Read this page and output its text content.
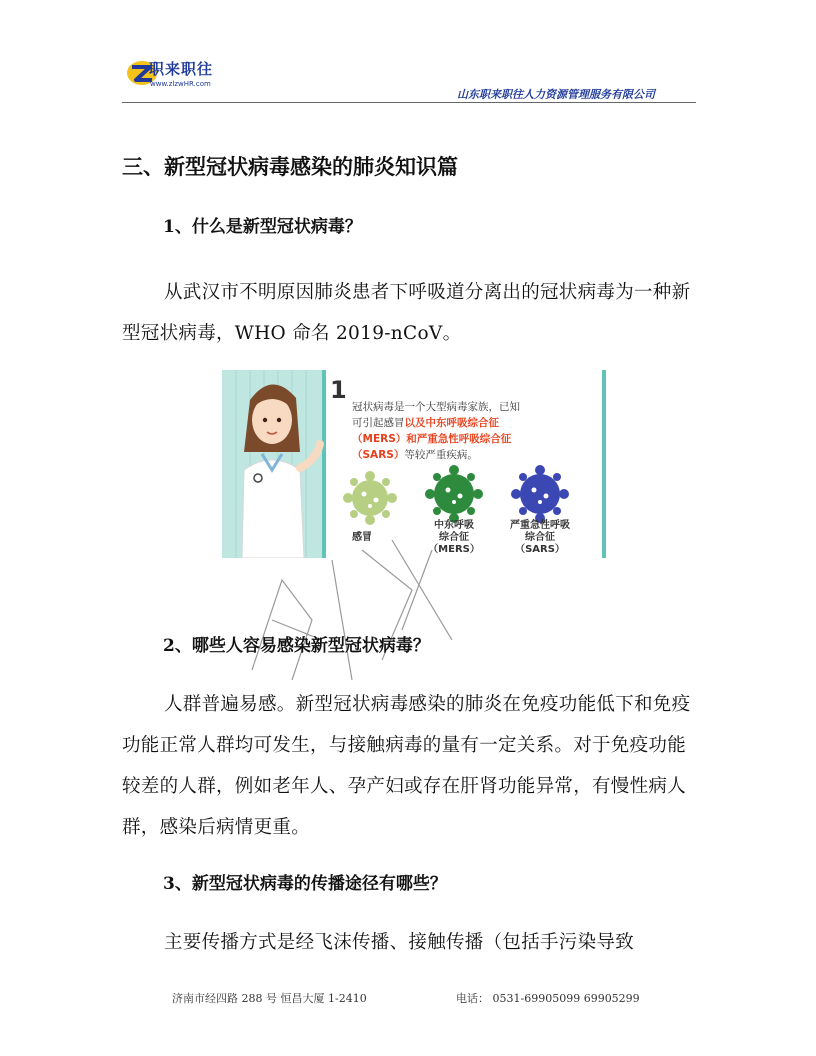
职来职往
www.zlzwHR.com
山东职来职往人力资源管理服务有限公司
三、新型冠状病毒感染的肺炎知识篇
1、什么是新型冠状病毒？
从武汉市不明原因肺炎患者下呼吸道分离出的冠状病毒为一种新型冠状病毒，WHO 命名 2019-nCoV。
1
冠状病毒是一个大型病毒家族，已知
可引起感冒以及中东呼吸综合征
（MERS）和严重急性呼吸综合征
（SARS）等较严重疾病。
感冒
中东呼吸
综合征
（MERS）
严重急性呼吸
综合征
（SARS）
2、哪些人容易感染新型冠状病毒？
人群普遍易感。新型冠状病毒感染的肺炎在免疫功能低下和免疫功能正常人群均可发生，与接触病毒的量有一定关系。对于免疫功能较差的人群，例如老年人、孕产妇或存在肝肾功能异常，有慢性病人群，感染后病情更重。
3、新型冠状病毒的传播途径有哪些？
主要传播方式是经飞沫传播、接触传播（包括手污染导致
济南市经四路 288 号 恒昌大厦 1-2410	电话： 0531-69905099 69905299
